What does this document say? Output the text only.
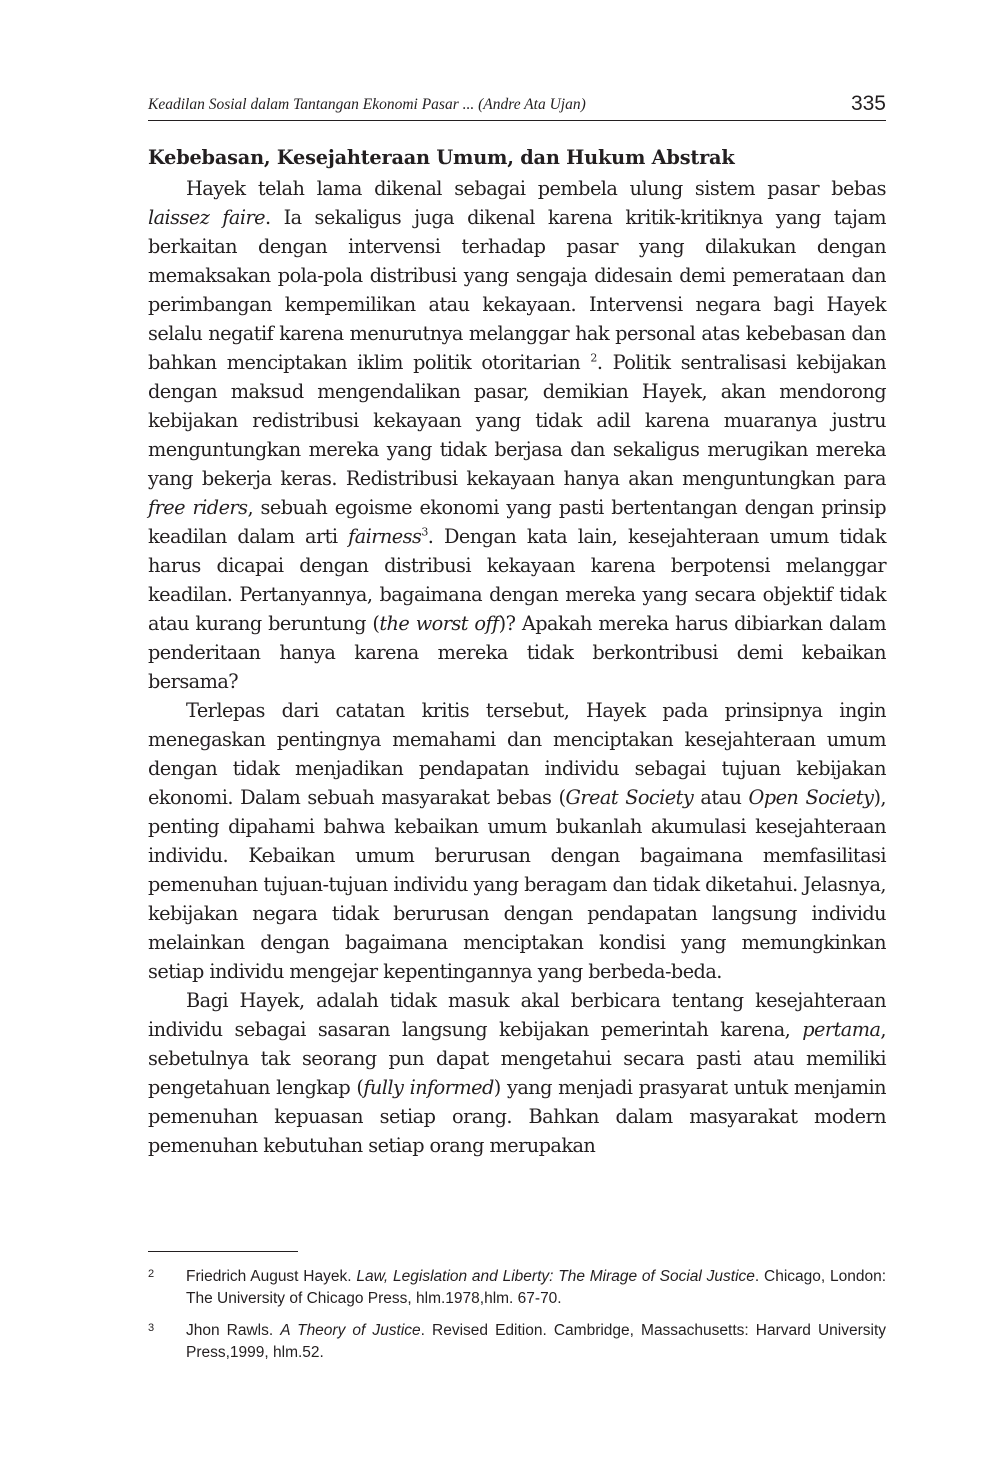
Keadilan Sosial dalam Tantangan Ekonomi Pasar ... (Andre Ata Ujan)	335
Kebebasan, Kesejahteraan Umum, dan Hukum Abstrak

Hayek telah lama dikenal sebagai pembela ulung sistem pasar bebas laissez faire. Ia sekaligus juga dikenal karena kritik-kritiknya yang tajam berkaitan dengan intervensi terhadap pasar yang dilakukan dengan memaksakan pola-pola distribusi yang sengaja didesain demi pemerataan dan perimbangan kempemilikan atau kekayaan. Intervensi negara bagi Hayek selalu negatif karena menurutnya melanggar hak personal atas kebebasan dan bahkan menciptakan iklim politik otoritarian $^2$. Politik sentralisasi kebijakan dengan maksud mengendalikan pasar, demikian Hayek, akan mendorong kebijakan redistribusi kekayaan yang tidak adil karena muaranya justru menguntungkan mereka yang tidak berjasa dan sekaligus merugikan mereka yang bekerja keras. Redistribusi kekayaan hanya akan menguntungkan para free riders, sebuah egoisme ekonomi yang pasti bertentangan dengan prinsip keadilan dalam arti fairness$^3$. Dengan kata lain, kesejahteraan umum tidak harus dicapai dengan distribusi kekayaan karena berpotensi melanggar keadilan. Pertanyannya, bagaimana dengan mereka yang secara objektif tidak atau kurang beruntung (the worst off)? Apakah mereka harus dibiarkan dalam penderitaan hanya karena mereka tidak berkontribusi demi kebaikan bersama?

Terlepas dari catatan kritis tersebut, Hayek pada prinsipnya ingin menegaskan pentingnya memahami dan menciptakan kesejahteraan umum dengan tidak menjadikan pendapatan individu sebagai tujuan kebijakan ekonomi. Dalam sebuah masyarakat bebas (Great Society atau Open Society), penting dipahami bahwa kebaikan umum bukanlah akumulasi kesejahteraan individu. Kebaikan umum berurusan dengan bagaimana memfasilitasi pemenuhan tujuan-tujuan individu yang beragam dan tidak diketahui. Jelasnya, kebijakan negara tidak berurusan dengan pendapatan langsung individu melainkan dengan bagaimana menciptakan kondisi yang memungkinkan setiap individu mengejar kepentingannya yang berbeda-beda.

Bagi Hayek, adalah tidak masuk akal berbicara tentang kesejahteraan individu sebagai sasaran langsung kebijakan pemerintah karena, pertama, sebetulnya tak seorang pun dapat mengetahui secara pasti atau memiliki pengetahuan lengkap (fully informed) yang menjadi prasyarat untuk menjamin pemenuhan kepuasan setiap orang. Bahkan dalam masyarakat modern pemenuhan kebutuhan setiap orang merupakan

2	Friedrich August Hayek. Law, Legislation and Liberty: The Mirage of Social Justice. Chicago, London: The University of Chicago Press, hlm.1978,hlm. 67-70.
3	Jhon Rawls. A Theory of Justice. Revised Edition. Cambridge, Massachusetts: Harvard University Press,1999, hlm.52.
